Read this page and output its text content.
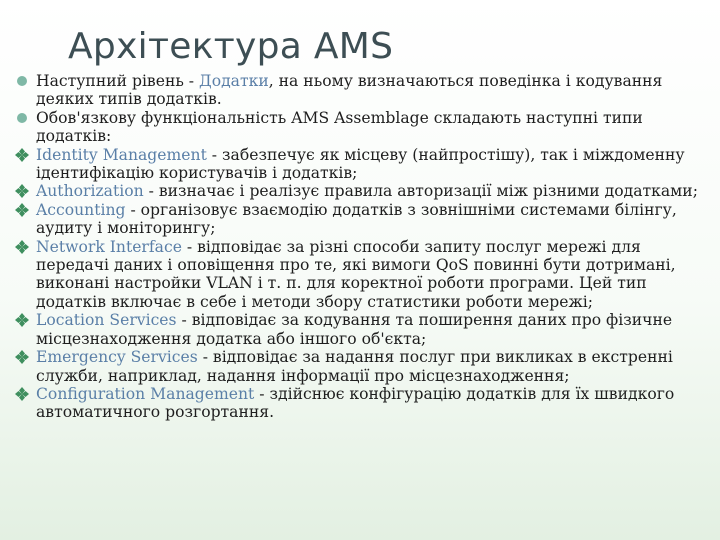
Архітектура AMS
Наступний рівень - Додатки, на ньому визначаються поведінка і кодування деяких типів додатків.
Обов'язкову функціональність AMS Assemblage складають наступні типи додатків:
Identity Management - забезпечує як місцеву (найпростішу), так і міждоменну ідентифікацію користувачів і додатків;
Authorization - визначає і реалізує правила авторизації між різними додатками;
Accounting - організовує взаємодію додатків з зовнішніми системами білінгу, аудиту і моніторингу;
Network Interface - відповідає за різні способи запиту послуг мережі для передачі даних і оповіщення про те, які вимоги QoS повинні бути дотримані, виконані настройки VLAN і т. п. для коректної роботи програми. Цей тип додатків включає в себе і методи збору статистики роботи мережі;
Location Services - відповідає за кодування та поширення даних про фізичне місцезнаходження додатка або іншого об'єкта;
Emergency Services - відповідає за надання послуг при викликах в екстренні служби, наприклад, надання інформації про місцезнаходження;
Configuration Management - здійснює конфігурацію додатків для їх швидкого автоматичного розгортання.
